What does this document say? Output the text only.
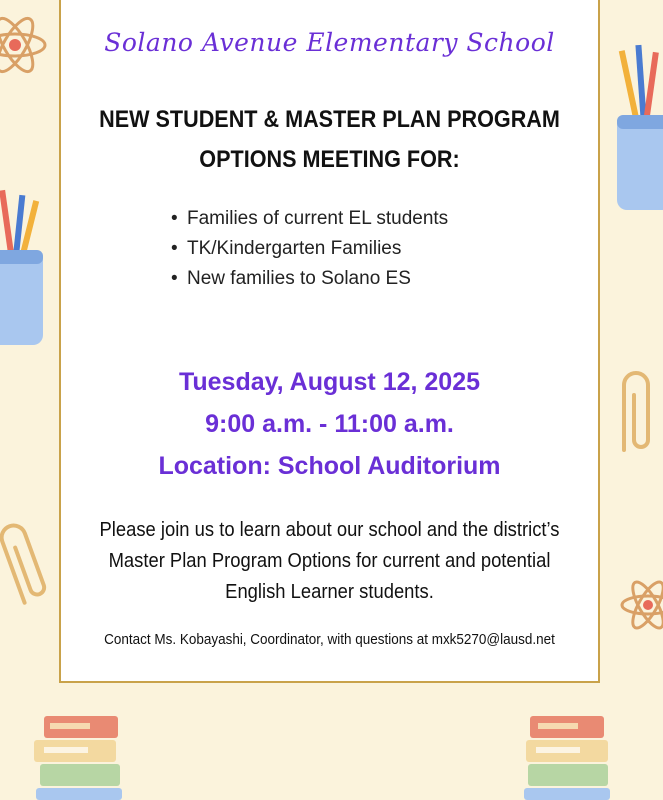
Solano Avenue Elementary School
NEW STUDENT & MASTER PLAN PROGRAM
OPTIONS MEETING FOR:
• Families of current EL students
• TK/Kindergarten Families
• New families to Solano ES
Tuesday, August 12, 2025
9:00 a.m. - 11:00 a.m.
Location: School Auditorium
Please join us to learn about our school and the district’s
Master Plan Program Options for current and potential
English Learner students.
Contact Ms. Kobayashi, Coordinator, with questions at mxk5270@lausd.net
